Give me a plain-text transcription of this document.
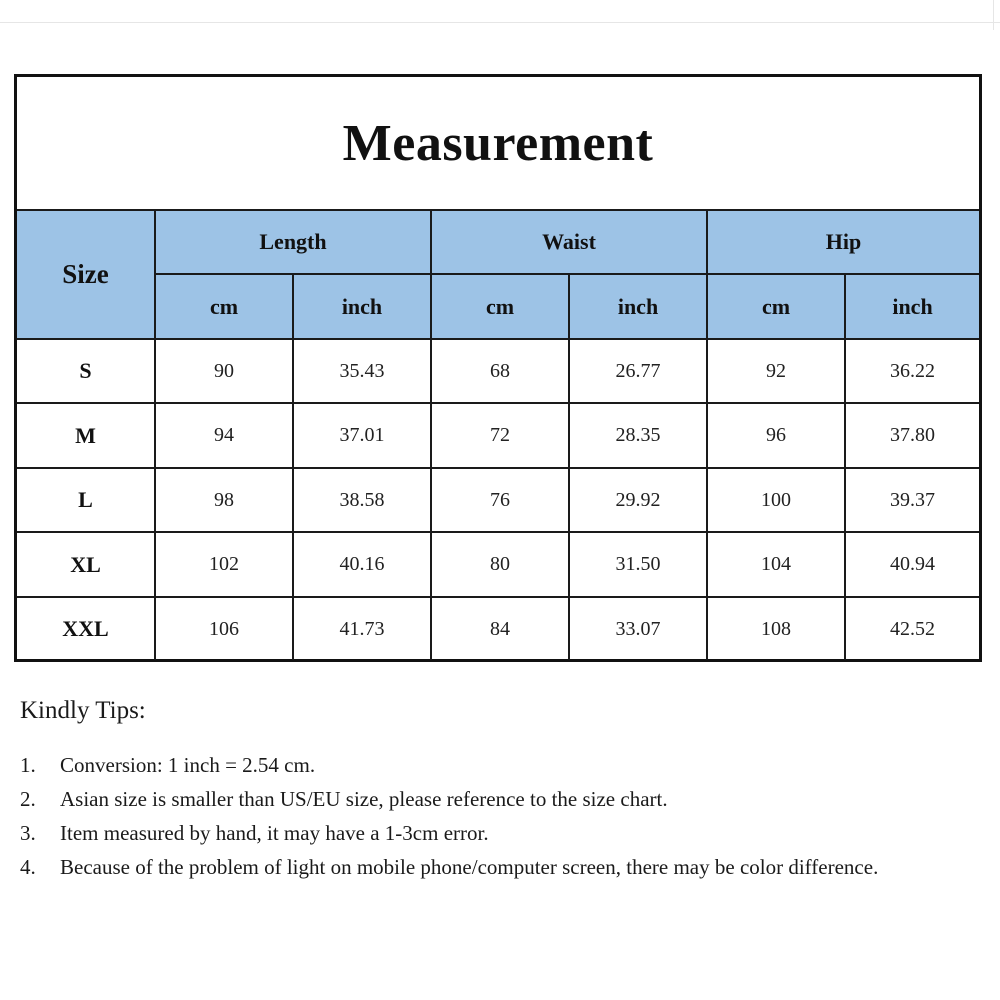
Measurement
Size	Length		Waist		Hip	
	cm	inch	cm	inch	cm	inch
S	90	35.43	68	26.77	92	36.22
M	94	37.01	72	28.35	96	37.80
L	98	38.58	76	29.92	100	39.37
XL	102	40.16	80	31.50	104	40.94
XXL	106	41.73	84	33.07	108	42.52
Kindly Tips:
1.	Conversion: 1 inch = 2.54 cm.
2.	Asian size is smaller than US/EU size, please reference to the size chart.
3.	Item measured by hand, it may have a 1-3cm error.
4.	Because of the problem of light on mobile phone/computer screen, there may be color difference.
